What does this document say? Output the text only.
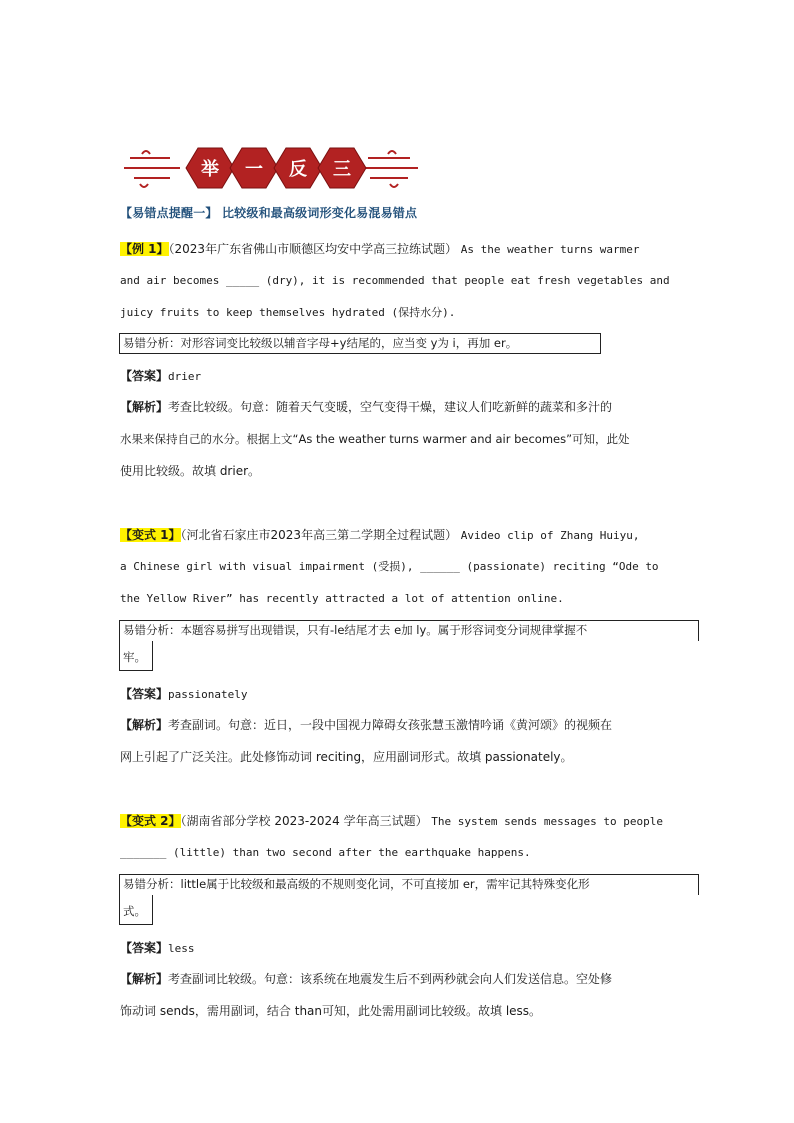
举 一 反 三
【易错点提醒一】 比较级和最高级词形变化易混易错点
【例 1】（2023年广东省佛山市顺德区均安中学高三拉练试题） As the weather turns warmer
and air becomes _____ (dry), it is recommended that people eat fresh vegetables and
juicy fruits to keep themselves hydrated (保持水分).
易错分析：对形容词变比较级以辅音字母+y结尾的，应当变 y为 i，再加 er。
【答案】drier
【解析】考查比较级。句意：随着天气变暖，空气变得干燥，建议人们吃新鲜的蔬菜和多汁的
水果来保持自己的水分。根据上文“As the weather turns warmer and air becomes”可知，此处
使用比较级。故填 drier。
【变式 1】（河北省石家庄市2023年高三第二学期全过程试题） Avideo clip of Zhang Huiyu,
a Chinese girl with visual impairment (受损), ______ (passionate) reciting “Ode to
the Yellow River” has recently attracted a lot of attention online.
易错分析：本题容易拼写出现错误，只有-le结尾才去 e加 ly。属于形容词变分词规律掌握不
牢。
【答案】passionately
【解析】考查副词。句意：近日，一段中国视力障碍女孩张慧玉激情吟诵《黄河颂》的视频在
网上引起了广泛关注。此处修饰动词 reciting，应用副词形式。故填 passionately。
【变式 2】（湖南省部分学校 2023-2024 学年高三试题） The system sends messages to people
_______ (little) than two second after the earthquake happens.
易错分析：little属于比较级和最高级的不规则变化词，不可直接加 er，需牢记其特殊变化形
式。
【答案】less
【解析】考查副词比较级。句意：该系统在地震发生后不到两秒就会向人们发送信息。空处修
饰动词 sends，需用副词，结合 than可知，此处需用副词比较级。故填 less。
